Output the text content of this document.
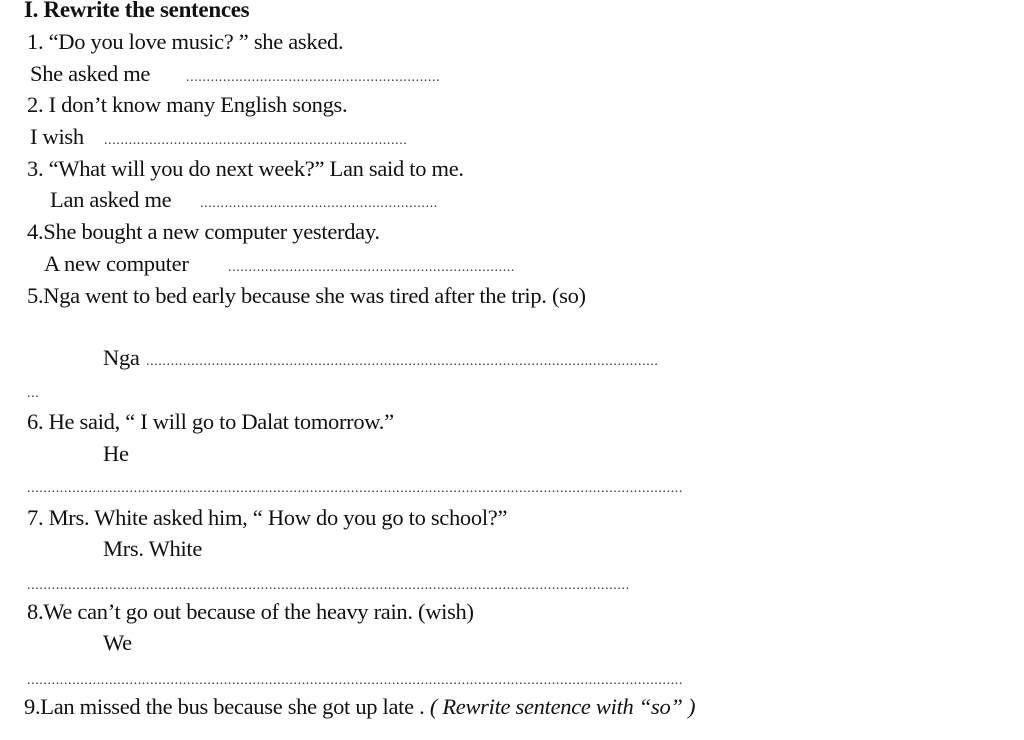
I. Rewrite the sentences
1. “Do you love music? ” she asked.
She asked me	..............................................................
2. I don’t know many English songs.
I wish ..........................................................................
3. “What will you do next week?” Lan said to me.
Lan asked me ..........................................................
4.She bought a new computer yesterday.
A new computer	......................................................................
5.Nga went to bed early because she was tired after the trip. (so)
Nga .............................................................................................................................
...
6. He said, “ I will go to Dalat tomorrow.”
He
................................................................................................................................................................
7. Mrs. White asked him, “ How do you go to school?”
Mrs. White
...................................................................................................................................................
8.We can’t go out because of the heavy rain. (wish)
We
................................................................................................................................................................
9.Lan missed the bus because she got up late . ( Rewrite sentence with “so” )
